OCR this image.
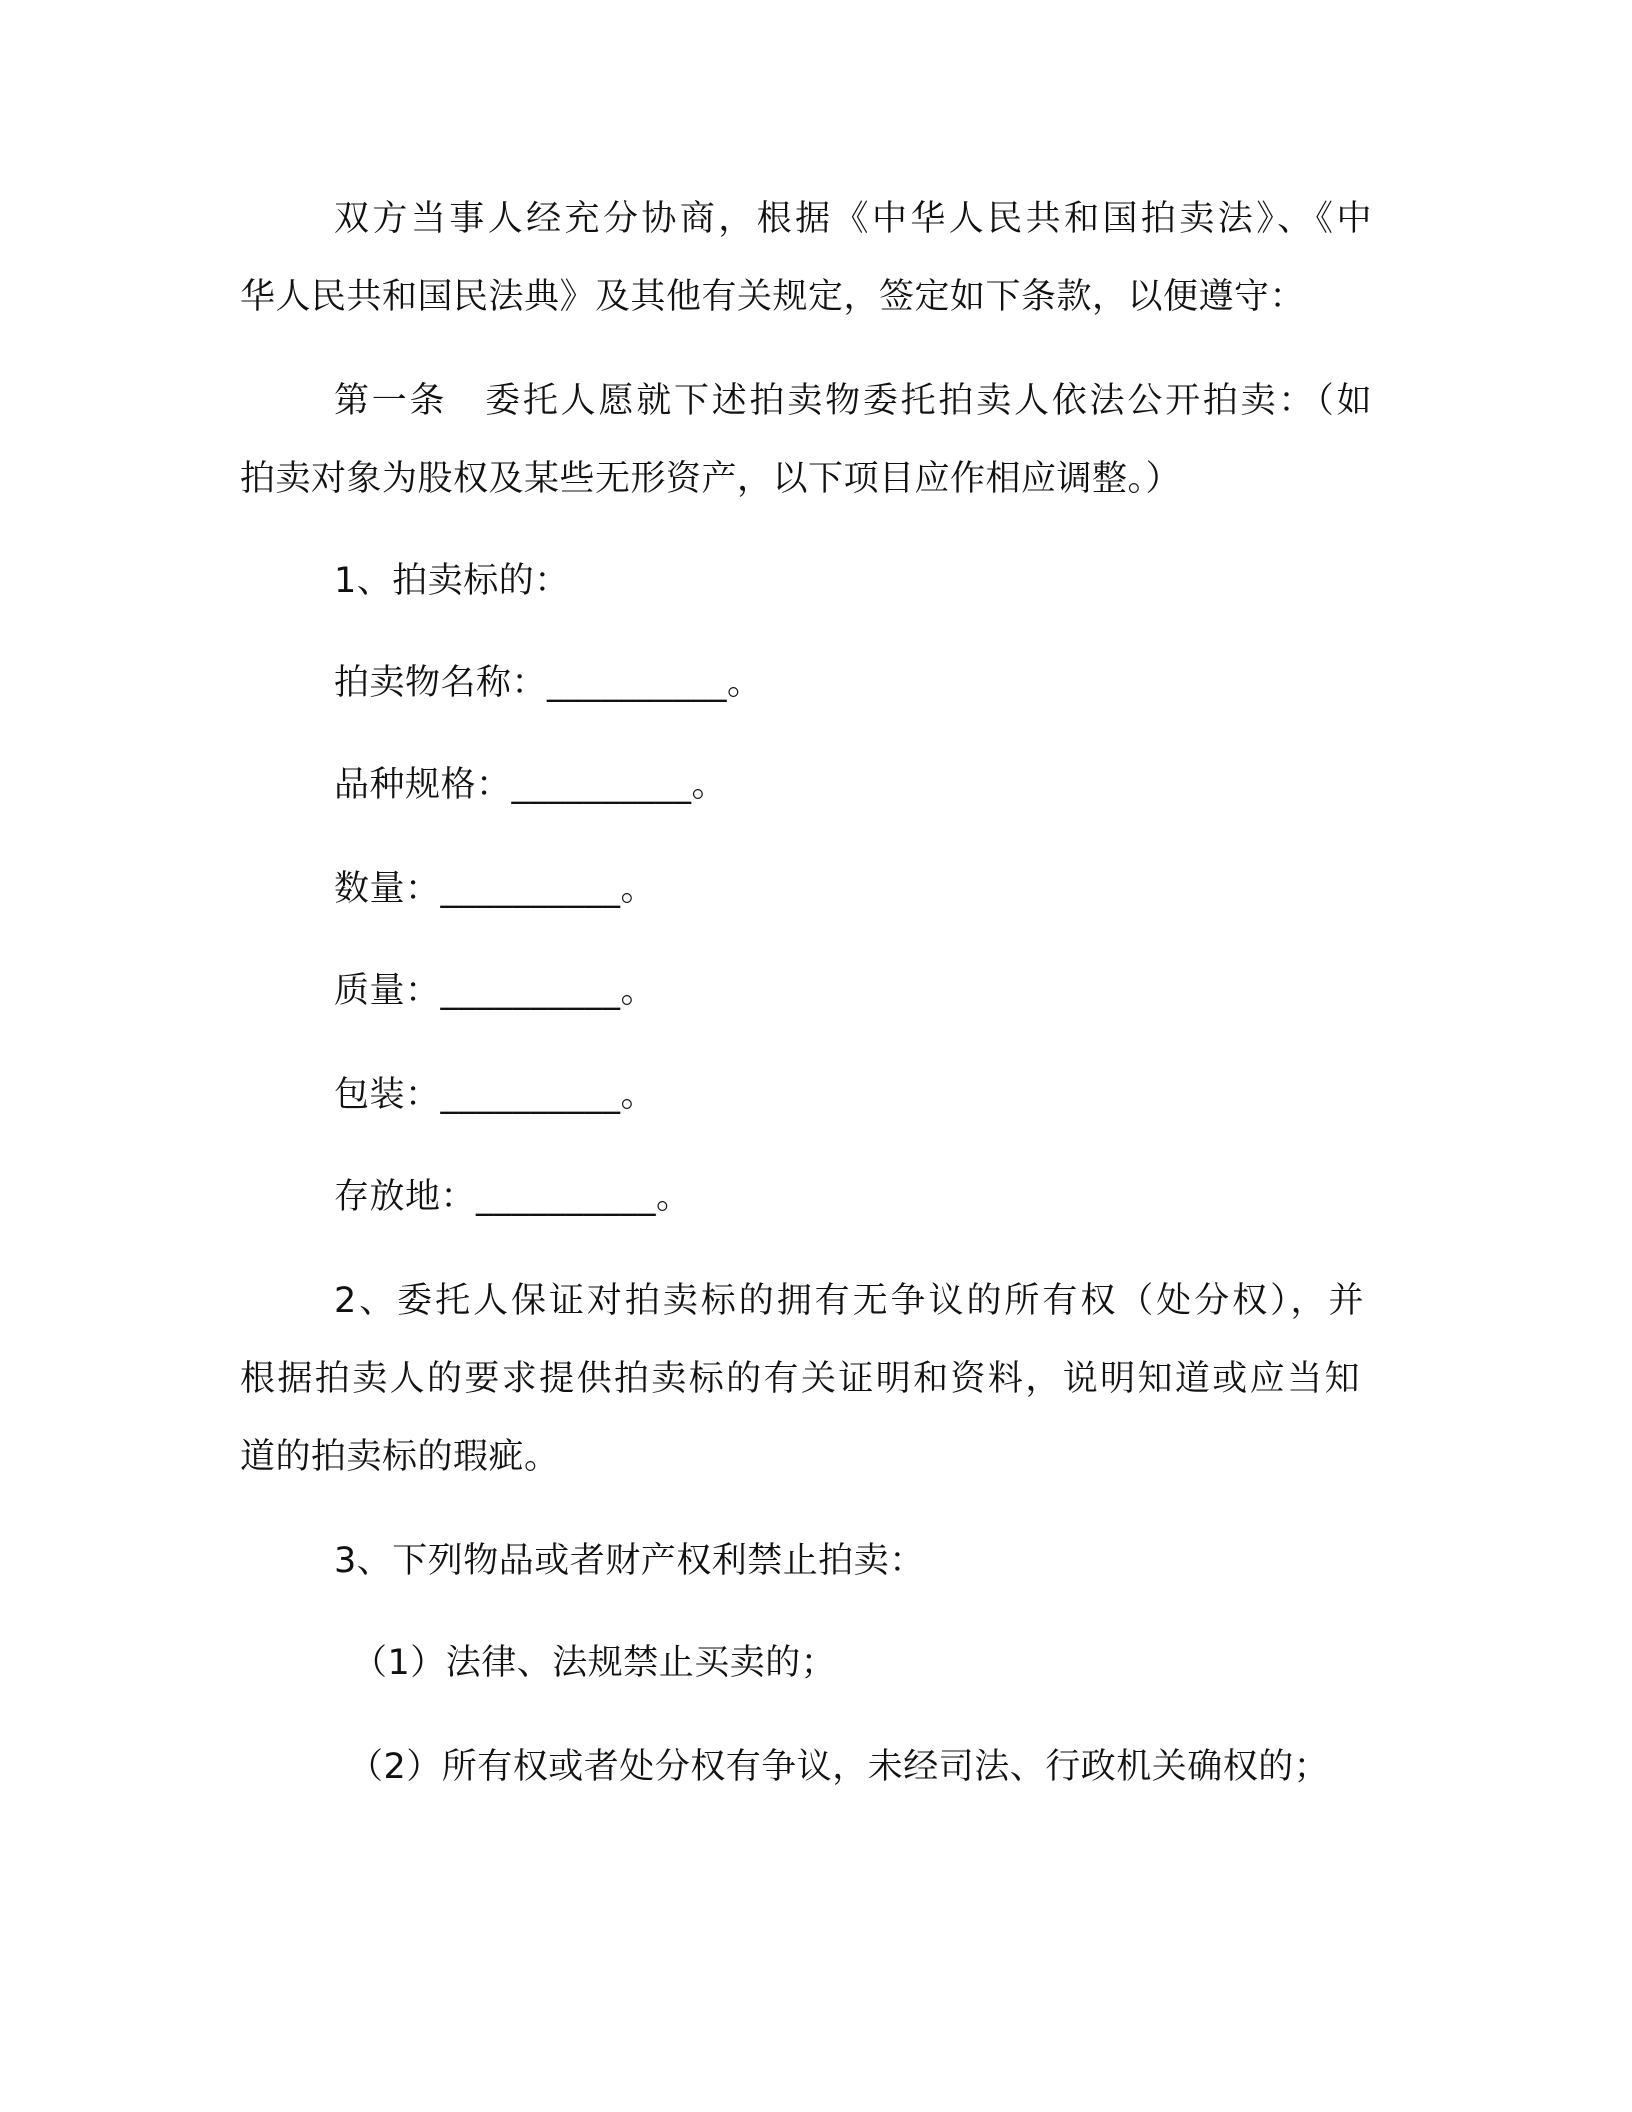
双方当事人经充分协商，根据《中华人民共和国拍卖法》、《中
华人民共和国民法典》及其他有关规定，签定如下条款，以便遵守：
第一条　委托人愿就下述拍卖物委托拍卖人依法公开拍卖：（如
拍卖对象为股权及某些无形资产，以下项目应作相应调整。）
1、拍卖标的：
拍卖物名称：__________。
品种规格：__________。
数量：__________。
质量：__________。
包装：__________。
存放地：__________。
2、委托人保证对拍卖标的拥有无争议的所有权（处分权），并
根据拍卖人的要求提供拍卖标的有关证明和资料，说明知道或应当知
道的拍卖标的瑕疵。
3、下列物品或者财产权利禁止拍卖：
（1）法律、法规禁止买卖的；
（2）所有权或者处分权有争议，未经司法、行政机关确权的；
